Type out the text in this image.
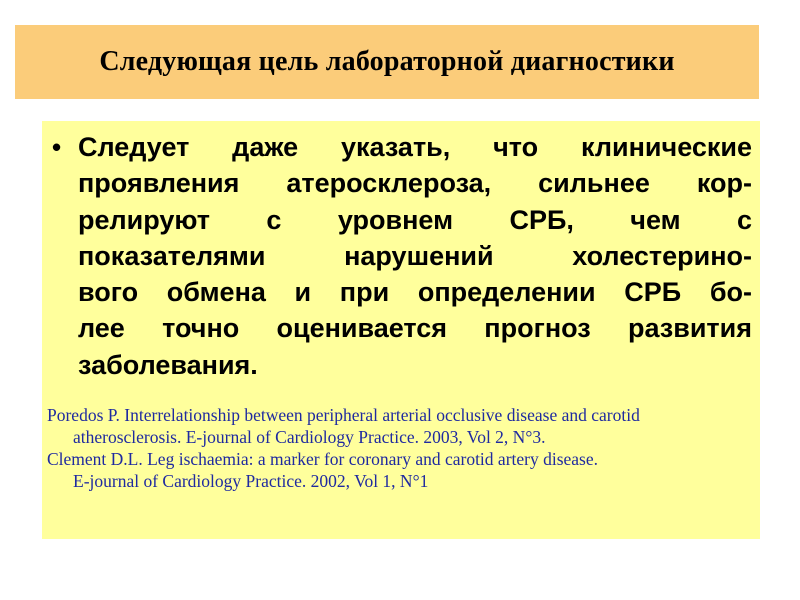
Следующая цель лабораторной диагностики
• Следует даже указать, что клинические
проявления атеросклероза, сильнее кор-
релируют с уровнем СРБ, чем с
показателями нарушений холестерино-
вого обмена и при определении СРБ бо-
лее точно оценивается прогноз развития
заболевания.
Poredos P. Interrelationship between peripheral arterial occlusive disease and carotid
atherosclerosis. E-journal of Cardiology Practice. 2003, Vol 2, N°3.
Clement D.L. Leg ischaemia: a marker for coronary and carotid artery disease.
E-journal of Cardiology Practice. 2002, Vol 1, N°1
